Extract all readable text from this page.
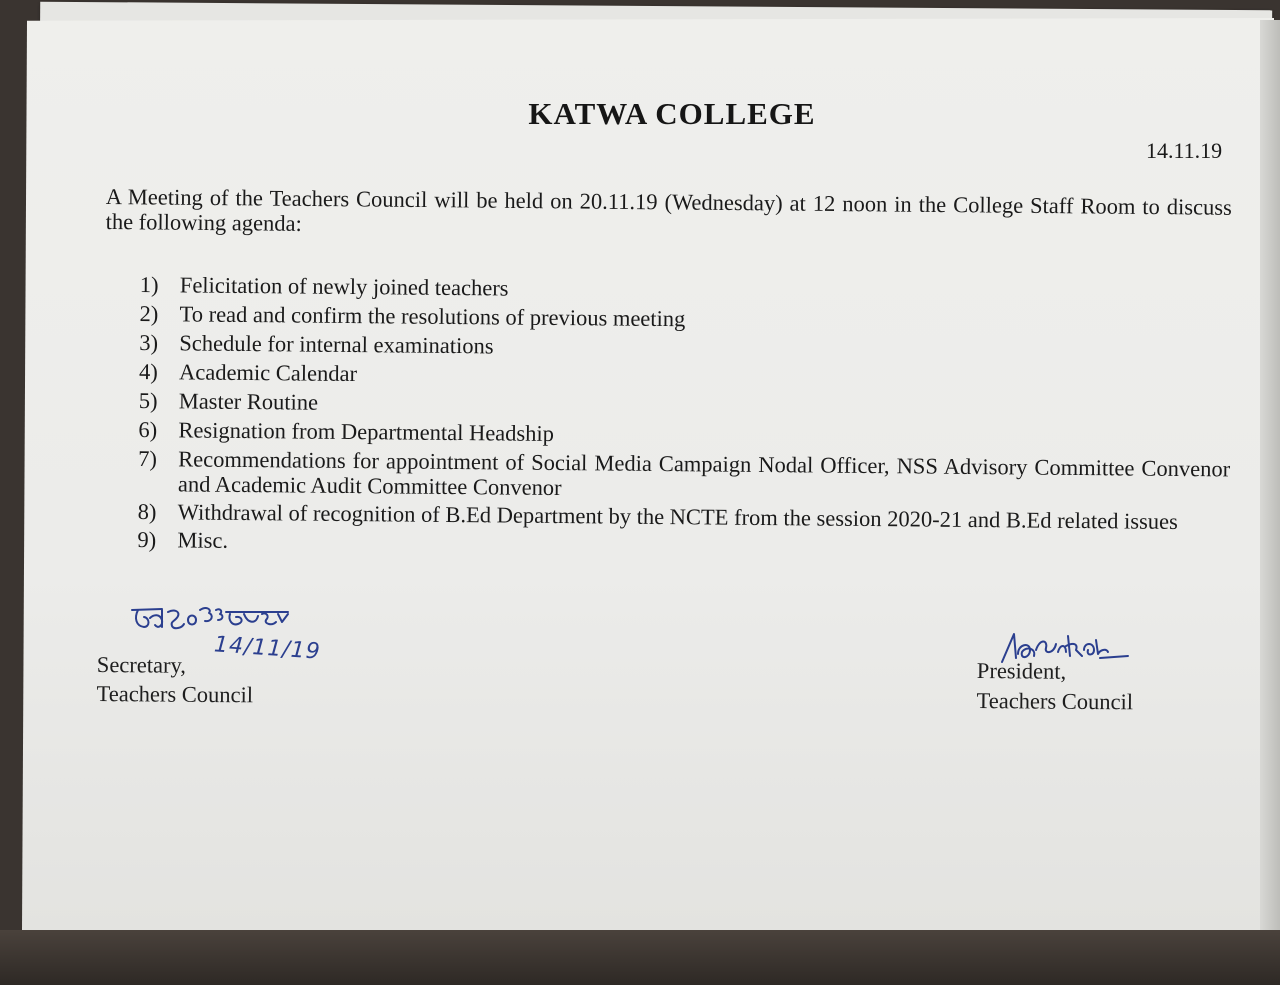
KATWA COLLEGE
14.11.19
A Meeting of the Teachers Council will be held on 20.11.19 (Wednesday) at 12 noon in the College Staff Room to discuss the following agenda:
1) Felicitation of newly joined teachers
2) To read and confirm the resolutions of previous meeting
3) Schedule for internal examinations
4) Academic Calendar
5) Master Routine
6) Resignation from Departmental Headship
7) Recommendations for appointment of Social Media Campaign Nodal Officer, NSS Advisory Committee Convenor and Academic Audit Committee Convenor
8) Withdrawal of recognition of B.Ed Department by the NCTE from the session 2020-21 and B.Ed related issues
9) Misc.
14/11/19
Secretary,
Teachers Council
President,
Teachers Council
